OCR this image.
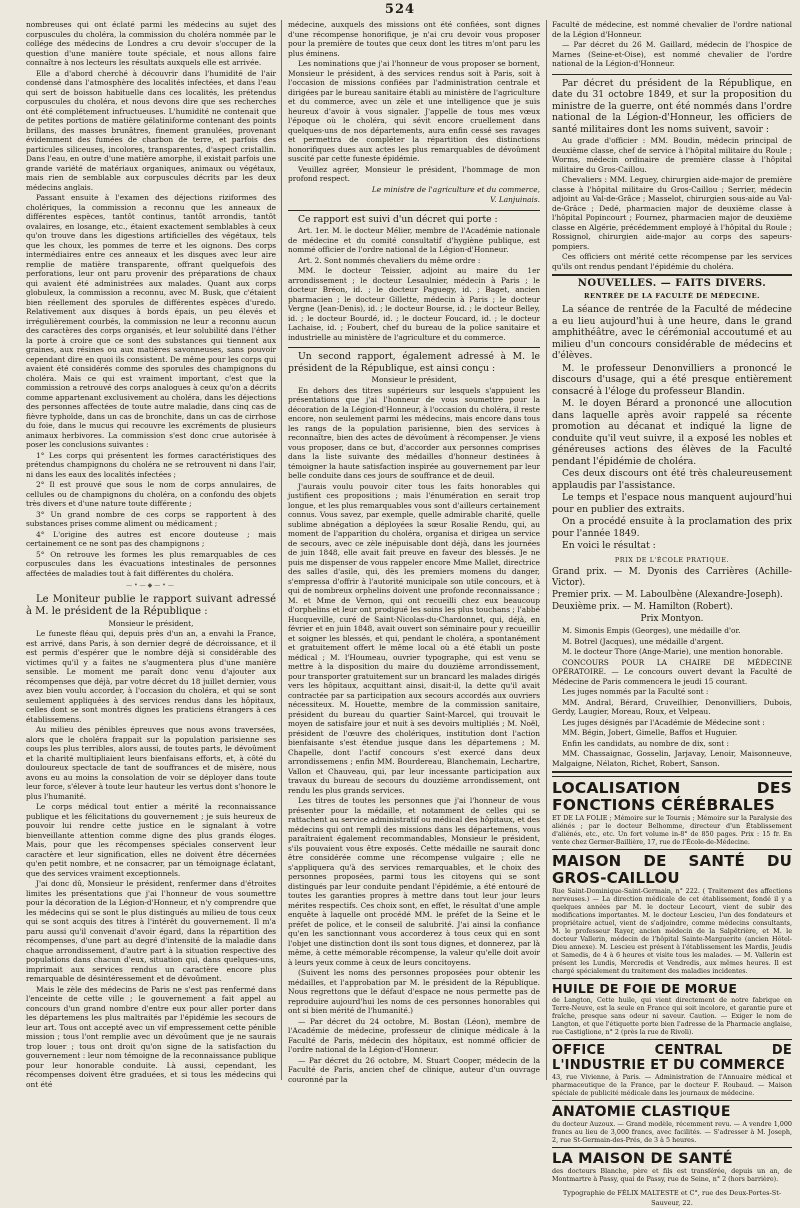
524

nombreuses qui ont éclaté parmi les médecins au sujet des corpuscules du choléra, la commission du choléra nommée par le collége des médecins de Londres a cru devoir s'occuper de la question d'une manière toute spéciale, et nous allons faire connaître à nos lecteurs les résultats auxquels elle est arrivée.

Elle a d'abord cherché à découvrir dans l'humidité de l'air condensé dans l'atmosphère des localités infectées, et dans l'eau qui sert de boisson habituelle dans ces localités, les prétendus corpuscules du choléra, et nous devons dire que ses recherches ont été complétement infructueuses. L'humidité ne contenait que de petites portions de matière gélatiniforme contenant des points brillans, des masses brunâtres, finement granulées, provenant évidemment des fumées de charbon de terre, et parfois des particules siliceuses, incolores, transparentes, d'aspect cristallin. Dans l'eau, en outre d'une matière amorphe, il existait parfois une grande variété de matériaux organiques, animaux ou végétaux, mais rien de semblable aux corpuscules décrits par les deux médecins anglais.

Passant ensuite à l'examen des déjections riziformes des cholériques, la commission a reconnu que les anneaux de différentes espèces, tantôt continus, tantôt arrondis, tantôt ovalaires, en losange, etc., étaient exactement semblables à ceux qu'on trouve dans les digestions artificielles des végétaux, tels que les choux, les pommes de terre et les oignons. Des corps intermédiaires entre ces anneaux et les disques avec leur aire remplie de matière transparente, offrant quelquefois des perforations, leur ont paru provenir des préparations de chaux qui avaient été administrées aux malades. Quant aux corps globuleux, la commission a reconnu, avec M. Busk, que c'étaient bien réellement des sporules de différentes espèces d'uredo. Relativement aux disques à bords épais, un peu élevés et irrégulièrement courbés, la commission ne leur a reconnu aucun des caractères des corps organisés, et leur solubilité dans l'éther la porte à croire que ce sont des substances qui tiennent aux graines, aux résines ou aux matières savonneuses, sans pouvoir cependant dire en quoi ils consistent. De même pour les corps qui avaient été considérés comme des sporules des champignons du choléra. Mais ce qui est vraiment important, c'est que la commission a retrouvé des corps analogues à ceux qu'on a décrits comme appartenant exclusivement au choléra, dans les déjections des personnes affectées de toute autre maladie, dans cinq cas de fièvre typhoïde, dans un cas de bronchite, dans un cas de cirrhose du foie, dans le mucus qui recouvre les excréments de plusieurs animaux herbivores. La commission s'est donc crue autorisée à poser les conclusions suivantes :

1° Les corps qui présentent les formes caractéristiques des prétendus champignons du choléra ne se retrouvent ni dans l'air, ni dans les eaux des localités infectées ;

2° Il est prouvé que sous le nom de corps annulaires, de cellules ou de champignons du choléra, on a confondu des objets très divers et d'une nature toute différente ;

3° Un grand nombre de ces corps se rapportent à des substances prises comme aliment ou médicament ;

4° L'origine des autres est encore douteuse ; mais certainement ce ne sont pas des champignons ;

5° On retrouve les formes les plus remarquables de ces corpuscules dans les évacuations intestinales de personnes affectées de maladies tout à fait différentes du choléra.

—•—◆—•—

Le Moniteur publie le rapport suivant adressé à M. le président de la République :

Monsieur le président,

Le funeste fléau qui, depuis près d'un an, a envahi la France, est arrivé, dans Paris, à son dernier degré de décroissance, et il est permis d'espérer que le nombre déjà si considérable des victimes qu'il y a faites ne s'augmentera plus d'une manière sensible. Le moment me paraît donc venu d'ajouter aux récompenses que déjà, par votre décret du 18 juillet dernier, vous avez bien voulu accorder, à l'occasion du choléra, et qui se sont seulement appliquées à des services rendus dans les hôpitaux, celles dont se sont montrés dignes les praticiens étrangers à ces établissemens.

Au milieu des pénibles épreuves que nous avons traversées, alors que le choléra frappait sur la population parisienne ses coups les plus terribles, alors aussi, de toutes parts, le dévoûment et la charité multipliaient leurs bienfaisans efforts, et, à côté du douloureux spectacle de tant de souffrances et de misère, nous avons eu au moins la consolation de voir se déployer dans toute leur force, s'élever à toute leur hauteur les vertus dont s'honore le plus l'humanité.

Le corps médical tout entier a mérité la reconnaissance publique et les félicitations du gouvernement ; je suis heureux de pouvoir lui rendre cette justice en le signalant à votre bienveillante attention comme digne des plus grands éloges. Mais, pour que les récompenses spéciales conservent leur caractère et leur signification, elles ne doivent être décernées qu'en petit nombre, et ne consacrer, par un témoignage éclatant, que des services vraiment exceptionnels.

J'ai donc dû, Monsieur le président, renfermer dans d'étroites limites les présentations que j'ai l'honneur de vous soumettre pour la décoration de la Légion-d'Honneur, et n'y comprendre que les médecins qui se sont le plus distingués au milieu de tous ceux qui se sont acquis des titres à l'intérêt du gouvernement. Il m'a paru aussi qu'il convenait d'avoir égard, dans la répartition des récompenses, d'une part au degré d'intensité de la maladie dans chaque arrondissement, d'autre part à la situation respective des populations dans chacun d'eux, situation qui, dans quelques-uns, imprimait aux services rendus un caractère encore plus remarquable de désintéressement et de dévoûment.

Mais le zèle des médecins de Paris ne s'est pas renfermé dans l'enceinte de cette ville ; le gouvernement a fait appel au concours d'un grand nombre d'entre eux pour aller porter dans les départemens les plus maltraités par l'épidémie les secours de leur art. Tous ont accepté avec un vif empressement cette pénible mission ; tous l'ont remplie avec un dévoûment que je ne saurais trop louer ; tous ont droit qu'on signe de la satisfaction du gouvernement : leur nom témoigne de la reconnaissance publique pour leur honorable conduite. Là aussi, cependant, les récompenses doivent être graduées, et si tous les médecins qui ont été

médecine, auxquels des missions ont été confiées, sont dignes d'une récompense honorifique, je n'ai cru devoir vous proposer pour la première de toutes que ceux dont les titres m'ont paru les plus éminens.

Les nominations que j'ai l'honneur de vous proposer se bornent, Monsieur le président, à des services rendus soit à Paris, soit à l'occasion de missions confiées par l'administration centrale et dirigées par le bureau sanitaire établi au ministère de l'agriculture et du commerce, avec un zèle et une intelligence que je suis heureux d'avoir à vous signaler. J'appelle de tous mes vœux l'époque où le choléra, qui sévit encore cruellement dans quelques-uns de nos départements, aura enfin cessé ses ravages et permettra de compléter la répartition des distinctions honorifiques dues aux actes les plus remarquables de dévoûment suscité par cette funeste épidémie.

Veuillez agréer, Monsieur le président, l'hommage de mon profond respect.

Le ministre de l'agriculture et du commerce,

V. Lanjuinais.

Ce rapport est suivi d'un décret qui porte :

Art. 1er. M. le docteur Mélier, membre de l'Académie nationale de médecine et du comité consultatif d'hygiène publique, est nommé officier de l'ordre national de la Légion-d'Honneur.

Art. 2. Sont nommés chevaliers du même ordre :

MM. le docteur Teissier, adjoint au maire du 1er arrondissement ; le docteur Lesaulnier, médecin à Paris ; le docteur Bréon, id. ; le docteur Paguegy, id. ; Baget, ancien pharmacien ; le docteur Gillette, médecin à Paris ; le docteur Vergne (Jean-Denis), id. ; le docteur Bourse, id. ; le docteur Belley, id. ; le docteur Bourdé, id. ; le docteur Foucard, id. ; le docteur Lachaise, id. ; Foubert, chef du bureau de la police sanitaire et industrielle au ministère de l'agriculture et du commerce.

Un second rapport, également adressé à M. le président de la République, est ainsi conçu :

Monsieur le président,

En dehors des titres supérieurs sur lesquels s'appuient les présentations que j'ai l'honneur de vous soumettre pour la décoration de la Légion-d'Honneur, à l'occasion du choléra, il reste encore, non seulement parmi les médecins, mais encore dans tous les rangs de la population parisienne, bien des services à reconnaître, bien des actes de dévoûment à récompenser. Je viens vous proposer, dans ce but, d'accorder aux personnes comprises dans la liste suivante des médailles d'honneur destinées à témoigner la haute satisfaction inspirée au gouvernement par leur belle conduite dans ces jours de souffrance et de deuil.

J'aurais voulu pouvoir citer tous les faits honorables qui justifient ces propositions ; mais l'énumération en serait trop longue, et les plus remarquables vous sont d'ailleurs certainement connus. Vous savez, par exemple, quelle admirable charité, quelle sublime abnégation a déployées la sœur Rosalie Rendu, qui, au moment de l'apparition du choléra, organisa et dirigea un service de secours, avec ce zèle inépuisable dont déjà, dans les journées de juin 1848, elle avait fait preuve en faveur des blessés. Je ne puis me dispenser de vous rappeler encore Mme Mallet, directrice des salles d'asile, qui, dès les premiers momens du danger, s'empressa d'offrir à l'autorité municipale son utile concours, et à qui de nombreux orphelins doivent une profonde reconnaissance ; M. et Mme de Vernon, qui ont recueilli chez eux beaucoup d'orphelins et leur ont prodigué les soins les plus touchans ; l'abbé Hucqueville, curé de Saint-Nicolas-du-Chardonnet, qui, déjà, en février et en juin 1848, avait ouvert son séminaire pour y recueillir et soigner les blessés, et qui, pendant le choléra, a spontanément et gratuitement offert le même local où a été établi un poste médical ; M. l'Houmeau, ouvrier typographe, qui est venu se mettre à la disposition du maire du douzième arrondissement, pour transporter gratuitement sur un brancard les malades dirigés vers les hôpitaux, acquittant ainsi, disait-il, la dette qu'il avait contractée par sa participation aux secours accordés aux ouvriers nécessiteux. M. Houette, membre de la commission sanitaire, président du bureau du quartier Saint-Marcel, qui trouvait le moyen de satisfaire jour et nuit à ses devoirs multipliés ; M. Noël, président de l'œuvre des cholériques, institution dont l'action bienfaisante s'est étendue jusque dans les départemens ; M. Chapelle, dont l'actif concours s'est exercé dans deux arrondissemens ; enfin MM. Bourdereau, Blanchemain, Lechartre, Vallon et Chauveau, qui, par leur incessante participation aux travaux du bureau de secours du douzième arrondissement, ont rendu les plus grands services.

Les titres de toutes les personnes que j'ai l'honneur de vous présenter pour la médaille, et notamment de celles qui se rattachent au service administratif ou médical des hôpitaux, et des médecins qui ont rempli des missions dans les départemens, vous paraîtraient également recommandables, Monsieur le président, s'ils pouvaient vous être exposés. Cette médaille ne saurait donc être considérée comme une récompense vulgaire ; elle ne s'appliquera qu'à des services remarquables, et le choix des personnes proposées, parmi tous les citoyens qui se sont distingués par leur conduite pendant l'épidémie, a été entouré de toutes les garanties propres à mettre dans tout leur jour leurs mérites respectifs. Ces choix sont, en effet, le résultat d'une ample enquête à laquelle ont procédé MM. le préfet de la Seine et le préfet de police, et le conseil de salubrité. J'ai ainsi la confiance qu'en les sanctionnant vous accorderez à tous ceux qui en sont l'objet une distinction dont ils sont tous dignes, et donnerez, par là même, à cette mémorable récompense, la valeur qu'elle doit avoir à leurs yeux comme à ceux de leurs concitoyens.

(Suivent les noms des personnes proposées pour obtenir les médailles, et l'approbation par M. le président de la République. Nous regrettons que le défaut d'espace ne nous permette pas de reproduire aujourd'hui les noms de ces personnes honorables qui ont si bien mérité de l'humanité.)

— Par décret du 24 octobre, M. Bostan (Léon), membre de l'Académie de médecine, professeur de clinique médicale à la Faculté de Paris, médecin des hôpitaux, est nommé officier de l'ordre national de la Légion-d'Honneur.

— Par décret du 26 octobre, M. Stuart Cooper, médecin de la Faculté de Paris, ancien chef de clinique, auteur d'un ouvrage couronné par la

Faculté de médecine, est nommé chevalier de l'ordre national de la Légion d'Honneur.

— Par décret du 26 M. Gaillard, médecin de l'hospice de Marnes (Seine-et-Oise), est nommé chevalier de l'ordre national de la Légion-d'Honneur.

Par décret du président de la République, en date du 31 octobre 1849, et sur la proposition du ministre de la guerre, ont été nommés dans l'ordre national de la Légion-d'Honneur, les officiers de santé militaires dont les noms suivent, savoir :

Au grade d'officier : MM. Boudin, médecin principal de deuxième classe, chef de service à l'hôpital militaire du Roule ; Worms, médecin ordinaire de première classe à l'hôpital militaire du Gros-Caillou.

Chevaliers : MM. Leguey, chirurgien aide-major de première classe à l'hôpital militaire du Gros-Caillou ; Serrier, médecin adjoint au Val-de-Grâce ; Masselot, chirurgien sous-aide au Val-de-Grâce ; Dedé, pharmacien major de deuxième classe à l'hôpital Popincourt ; Fournez, pharmacien major de deuxième classe en Algérie, précédemment employé à l'hôpital du Roule ; Rossignol, chirurgien aide-major au corps des sapeurs-pompiers.

Ces officiers ont mérité cette récompense par les services qu'ils ont rendus pendant l'épidémie du choléra.

NOUVELLES. — FAITS DIVERS.
RENTRÉE DE LA FACULTÉ DE MÉDECINE.

La séance de rentrée de la Faculté de médecine a eu lieu aujourd'hui à une heure, dans le grand amphithéâtre, avec le cérémonial accoutumé et au milieu d'un concours considérable de médecins et d'élèves.

M. le professeur Denonvilliers a prononcé le discours d'usage, qui a été presque entièrement consacré à l'éloge du professeur Blandin.

M. le doyen Bérard a prononcé une allocution dans laquelle après avoir rappelé sa récente promotion au décanat et indiqué la ligne de conduite qu'il veut suivre, il a exposé les nobles et généreuses actions des élèves de la Faculté pendant l'épidémie de choléra.

Ces deux discours ont été très chaleureusement applaudis par l'assistance.

Le temps et l'espace nous manquent aujourd'hui pour en publier des extraits.

On a procédé ensuite à la proclamation des prix pour l'année 1849.

En voici le résultat :

PRIX DE L'ÉCOLE PRATIQUE.

Grand prix. — M. Dyonis des Carrières (Achille-Victor).

Premier prix. — M. Laboulbène (Alexandre-Joseph).

Deuxième prix. — M. Hamilton (Robert).

Prix Montyon.

M. Simonis Empis (Georges), une médaille d'or.

M. Botrel (Jacques), une médaille d'argent.

M. le docteur Thore (Ange-Marie), une mention honorable.

CONCOURS POUR LA CHAIRE DE MÉDECINE OPÉRATOIRE. — Le concours ouvert devant la Faculté de Médecine de Paris commencera le jeudi 15 courant.

Les juges nommés par la Faculté sont :

MM. Andral, Bérard, Cruveilhier, Denonvilliers, Dubois, Gerdy, Laugier, Moreau, Roux, et Velpeau.

Les juges désignés par l'Académie de Médecine sont :

MM. Bégin, Jobert, Gimelle, Baffos et Huguier.

Enfin les candidats, au nombre de dix, sont :

MM. Chassaignac, Gosselin, Jarjavay, Lenoir, Maisonneuve, Malgaigne, Nélaton, Richet, Robert, Sanson.

LOCALISATION DES FONCTIONS CÉRÉBRALES
ET DE LA FOLIE ; Mémoire sur le Tournis ; Mémoire sur la Paralysie des aliénés ; par le docteur Belhomme, directeur d'un Établissement d'aliénés, etc., etc. Un fort volume in-8° de 850 pages. Prix : 15 fr. En vente chez Germer-Baillière, 17, rue de l'École-de-Médecine.
MAISON DE SANTÉ DU GROS-CAILLOU
Rue Saint-Dominique-Saint-Germain, n° 222. ( Traitement des affections nerveuses.) — La direction médicale de cet établissement, fondé il y a quelques années par M. le docteur Lecourt, vient de subir des modifications importantes. M. le docteur Lescieu, l'un des fondateurs et propriétaire actuel, vient de s'adjoindre, comme médecins consultants, M. le professeur Rayer, ancien médecin de la Salpêtrière, et M. le docteur Vallerin, médecin de l'hôpital Sainte-Marguerite (ancien Hôtel-Dieu annexe). M. Lescieu est présent à l'établissement les Mardis, Jeudis et Samedis, de 4 à 6 heures et visite tous les malades. — M. Vallerin est présent les Lundis, Mercredis et Vendredis, aux mêmes heures. Il est chargé spécialement du traitement des maladies incidentes.
HUILE DE FOIE DE MORUE
de Langton, Cette huile, qui vient directement de notre fabrique en Terre-Neuve, est la seule en France qui soit incolore, et garantie pure et fraîche, presque sans odeur ni saveur. Caution. — Exiger le nom de Langton, et que l'étiquette porte bien l'adresse de la Pharmacie anglaise, rue Castiglione, n° 2 (près la rue de Rivoli).
OFFICE CENTRAL DE L'INDUSTRIE ET DU COMMERCE
43, rue Vivienne, à Paris. — Administration de l'Annuaire médical et pharmaceutique de la France, par le docteur F. Roubaud. — Maison spéciale de publicité médicale dans les journaux de médecine.
ANATOMIE CLASTIQUE
du docteur Auzoux. — Grand modèle, récemment revu. — A vendre 1,000 francs au lieu de 3,000 francs, avec facilités. — S'adresser à M. Joseph, 2, rue St-Germain-des-Prés, de 3 à 5 heures.
LA MAISON DE SANTÉ
des docteurs Blanche, père et fils est transférée, depuis un an, de Montmartre à Passy, quai de Passy, rue de Seine, n° 2 (hors barrière).
Typographie de FÉLIX MALTESTE et C°, rue des Deux-Portes-St-Sauveur, 22.
